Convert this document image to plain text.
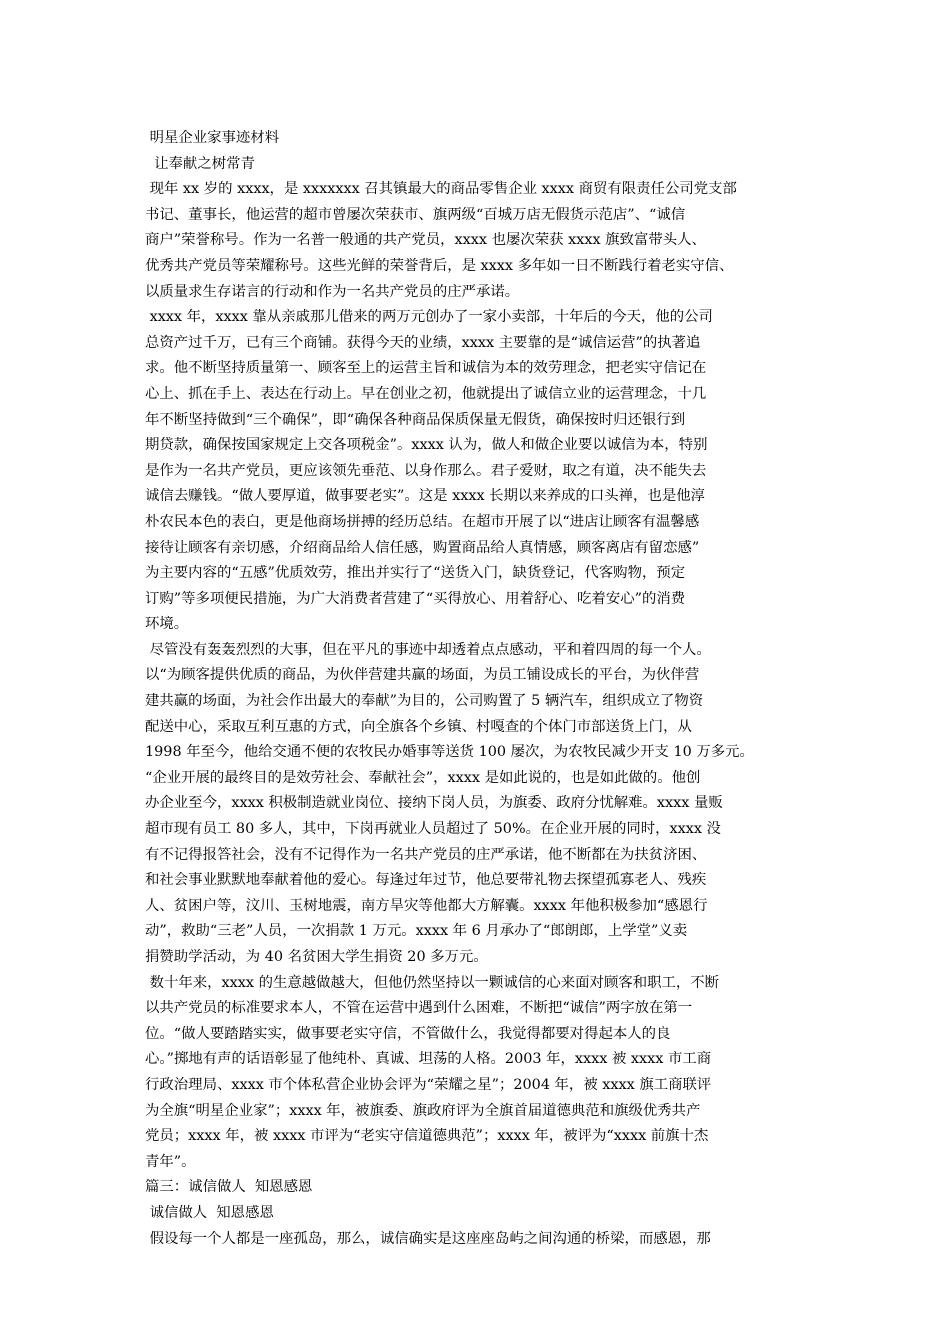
明星企业家事迹材料
让奉献之树常青
现年 xx 岁的 xxxx，是 xxxxxxx 召其镇最大的商品零售企业 xxxx 商贸有限责任公司党支部
书记、董事长，他运营的超市曾屡次荣获市、旗两级“百城万店无假货示范店”、“诚信
商户”荣誉称号。作为一名普一般通的共产党员，xxxx 也屡次荣获 xxxx 旗致富带头人、
优秀共产党员等荣耀称号。这些光鲜的荣誉背后，是 xxxx 多年如一日不断践行着老实守信、
以质量求生存诺言的行动和作为一名共产党员的庄严承诺。
xxxx 年，xxxx 靠从亲戚那儿借来的两万元创办了一家小卖部，十年后的今天，他的公司
总资产过千万，已有三个商铺。获得今天的业绩，xxxx 主要靠的是“诚信运营”的执著追
求。他不断坚持质量第一、顾客至上的运营主旨和诚信为本的效劳理念，把老实守信记在
心上、抓在手上、表达在行动上。早在创业之初，他就提出了诚信立业的运营理念，十几
年不断坚持做到“三个确保”，即“确保各种商品保质保量无假货，确保按时归还银行到
期贷款，确保按国家规定上交各项税金”。xxxx 认为，做人和做企业要以诚信为本，特别
是作为一名共产党员，更应该领先垂范、以身作那么。君子爱财，取之有道，决不能失去
诚信去赚钱。“做人要厚道，做事要老实”。这是 xxxx 长期以来养成的口头禅，也是他淳
朴农民本色的表白，更是他商场拼搏的经历总结。在超市开展了以“进店让顾客有温馨感
接待让顾客有亲切感，介绍商品给人信任感，购置商品给人真情感，顾客离店有留恋感”
为主要内容的“五感”优质效劳，推出并实行了“送货入门，缺货登记，代客购物，预定
订购”等多项便民措施，为广大消费者营建了“买得放心、用着舒心、吃着安心”的消费
环境。
尽管没有轰轰烈烈的大事，但在平凡的事迹中却透着点点感动，平和着四周的每一个人。
以“为顾客提供优质的商品，为伙伴营建共赢的场面，为员工铺设成长的平台，为伙伴营
建共赢的场面，为社会作出最大的奉献”为目的，公司购置了 5 辆汽车，组织成立了物资
配送中心，采取互利互惠的方式，向全旗各个乡镇、村嘎查的个体门市部送货上门，从
1998 年至今，他给交通不便的农牧民办婚事等送货 100 屡次，为农牧民减少开支 10 万多元。
“企业开展的最终目的是效劳社会、奉献社会”，xxxx 是如此说的，也是如此做的。他创
办企业至今，xxxx 积极制造就业岗位、接纳下岗人员，为旗委、政府分忧解难。xxxx 量贩
超市现有员工 80 多人，其中，下岗再就业人员超过了 50%。在企业开展的同时，xxxx 没
有不记得报答社会，没有不记得作为一名共产党员的庄严承诺，他不断都在为扶贫济困、
和社会事业默默地奉献着他的爱心。每逢过年过节，他总要带礼物去探望孤寡老人、残疾
人、贫困户等，汶川、玉树地震，南方旱灾等他都大方解囊。xxxx 年他积极参加“感恩行
动”，救助“三老”人员，一次捐款 1 万元。xxxx 年 6 月承办了“郎朗郎，上学堂”义卖
捐赞助学活动，为 40 名贫困大学生捐资 20 多万元。
数十年来，xxxx 的生意越做越大，但他仍然坚持以一颗诚信的心来面对顾客和职工，不断
以共产党员的标准要求本人，不管在运营中遇到什么困难，不断把“诚信”两字放在第一
位。“做人要踏踏实实，做事要老实守信，不管做什么，我觉得都要对得起本人的良
心。”掷地有声的话语彰显了他纯朴、真诚、坦荡的人格。2003 年，xxxx 被 xxxx 市工商
行政治理局、xxxx 市个体私营企业协会评为“荣耀之星”；2004 年，被 xxxx 旗工商联评
为全旗“明星企业家”；xxxx 年，被旗委、旗政府评为全旗首届道德典范和旗级优秀共产
党员；xxxx 年，被 xxxx 市评为“老实守信道德典范”；xxxx 年，被评为“xxxx 前旗十杰
青年”。
篇三：诚信做人  知恩感恩
诚信做人  知恩感恩
假设每一个人都是一座孤岛，那么，诚信确实是这座座岛屿之间沟通的桥梁，而感恩，那
